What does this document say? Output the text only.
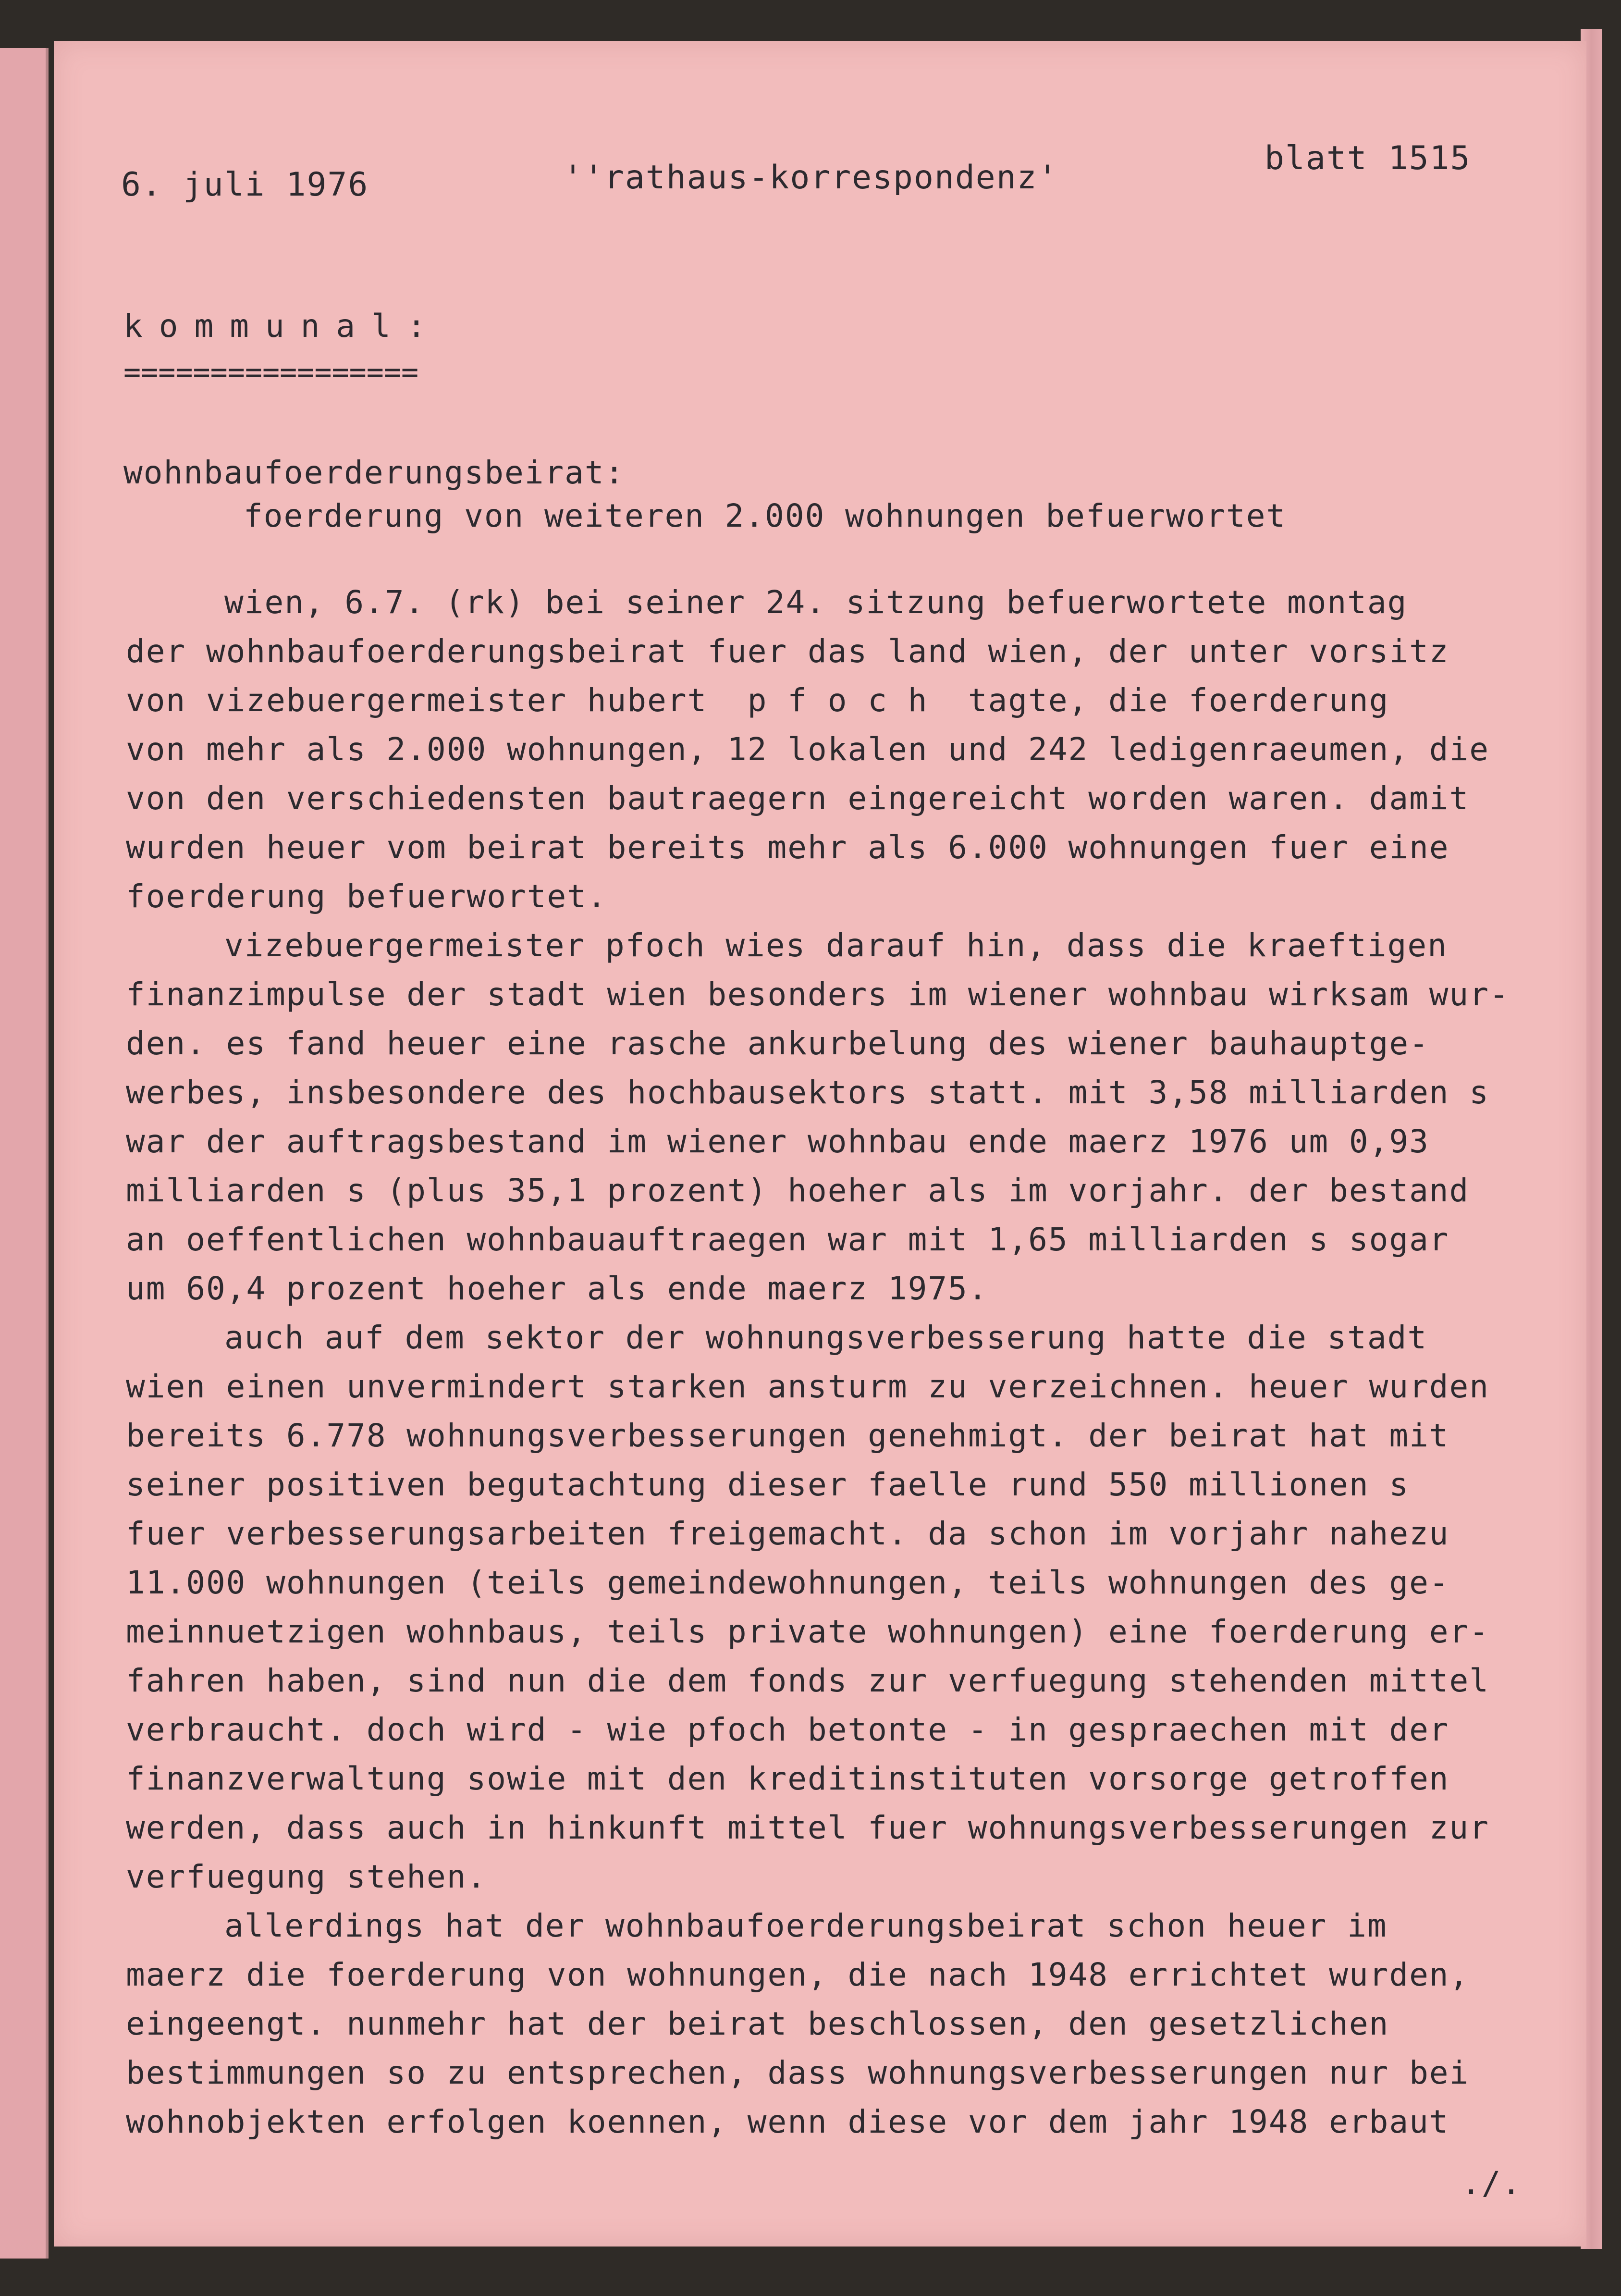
6. juli 1976	''rathaus-korrespondenz'
blatt 1515
kommunal:
=================
wohnbaufoerderungsbeirat:
foerderung von weiteren 2.000 wohnungen befuerwortet
wien, 6.7. (rk) bei seiner 24. sitzung befuerwortete montag
der wohnbaufoerderungsbeirat fuer das land wien, der unter vorsitz
von vizebuergermeister hubert  p f o c h  tagte, die foerderung
von mehr als 2.000 wohnungen, 12 lokalen und 242 ledigenraeumen, die
von den verschiedensten bautraegern eingereicht worden waren. damit
wurden heuer vom beirat bereits mehr als 6.000 wohnungen fuer eine
foerderung befuerwortet.
vizebuergermeister pfoch wies darauf hin, dass die kraeftigen
finanzimpulse der stadt wien besonders im wiener wohnbau wirksam wur-
den. es fand heuer eine rasche ankurbelung des wiener bauhauptge-
werbes, insbesondere des hochbausektors statt. mit 3,58 milliarden s
war der auftragsbestand im wiener wohnbau ende maerz 1976 um 0,93
milliarden s (plus 35,1 prozent) hoeher als im vorjahr. der bestand
an oeffentlichen wohnbauauftraegen war mit 1,65 milliarden s sogar
um 60,4 prozent hoeher als ende maerz 1975.
auch auf dem sektor der wohnungsverbesserung hatte die stadt
wien einen unvermindert starken ansturm zu verzeichnen. heuer wurden
bereits 6.778 wohnungsverbesserungen genehmigt. der beirat hat mit
seiner positiven begutachtung dieser faelle rund 550 millionen s
fuer verbesserungsarbeiten freigemacht. da schon im vorjahr nahezu
11.000 wohnungen (teils gemeindewohnungen, teils wohnungen des ge-
meinnuetzigen wohnbaus, teils private wohnungen) eine foerderung er-
fahren haben, sind nun die dem fonds zur verfuegung stehenden mittel
verbraucht. doch wird - wie pfoch betonte - in gespraechen mit der
finanzverwaltung sowie mit den kreditinstituten vorsorge getroffen
werden, dass auch in hinkunft mittel fuer wohnungsverbesserungen zur
verfuegung stehen.
allerdings hat der wohnbaufoerderungsbeirat schon heuer im
maerz die foerderung von wohnungen, die nach 1948 errichtet wurden,
eingeengt. nunmehr hat der beirat beschlossen, den gesetzlichen
bestimmungen so zu entsprechen, dass wohnungsverbesserungen nur bei
wohnobjekten erfolgen koennen, wenn diese vor dem jahr 1948 erbaut
./.
